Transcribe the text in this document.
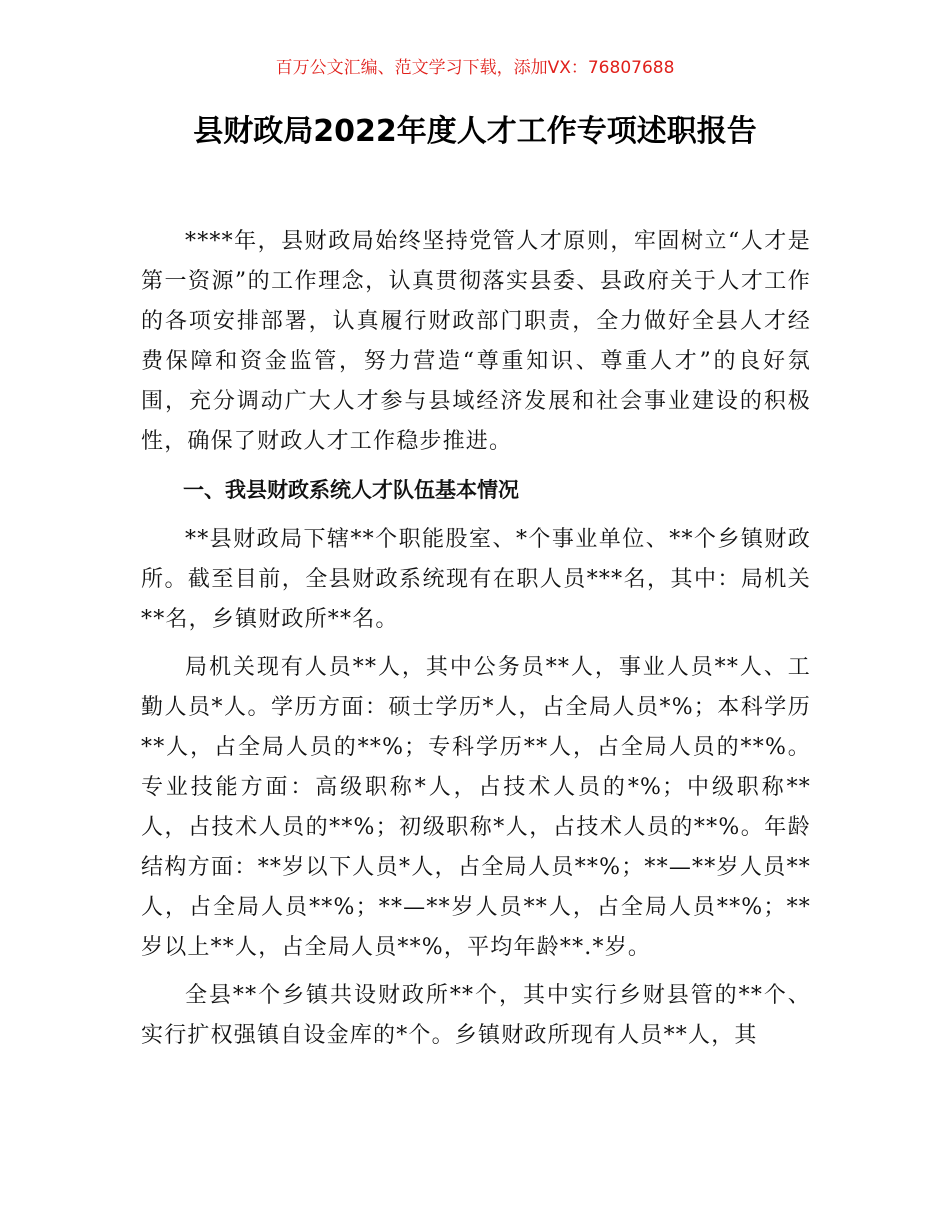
百万公文汇编、范文学习下载，添加VX：76807688
县财政局2022年度人才工作专项述职报告

****年，县财政局始终坚持党管人才原则，牢固树立“人才是第一资源”的工作理念，认真贯彻落实县委、县政府关于人才工作的各项安排部署，认真履行财政部门职责，全力做好全县人才经费保障和资金监管，努力营造“尊重知识、尊重人才”的良好氛围，充分调动广大人才参与县域经济发展和社会事业建设的积极性，确保了财政人才工作稳步推进。

一、我县财政系统人才队伍基本情况

**县财政局下辖**个职能股室、*个事业单位、**个乡镇财政所。截至目前，全县财政系统现有在职人员***名，其中：局机关**名，乡镇财政所**名。

局机关现有人员**人，其中公务员**人，事业人员**人、工勤人员*人。学历方面：硕士学历*人，占全局人员*%；本科学历**人，占全局人员的**%；专科学历**人，占全局人员的**%。专业技能方面：高级职称*人，占技术人员的*%；中级职称**人，占技术人员的**%；初级职称*人，占技术人员的**%。年龄结构方面：**岁以下人员*人，占全局人员**%；**—**岁人员**人，占全局人员**%；**—**岁人员**人，占全局人员**%；**岁以上**人，占全局人员**%，平均年龄**.*岁。

全县**个乡镇共设财政所**个，其中实行乡财县管的**个、实行扩权强镇自设金库的*个。乡镇财政所现有人员**人，其
